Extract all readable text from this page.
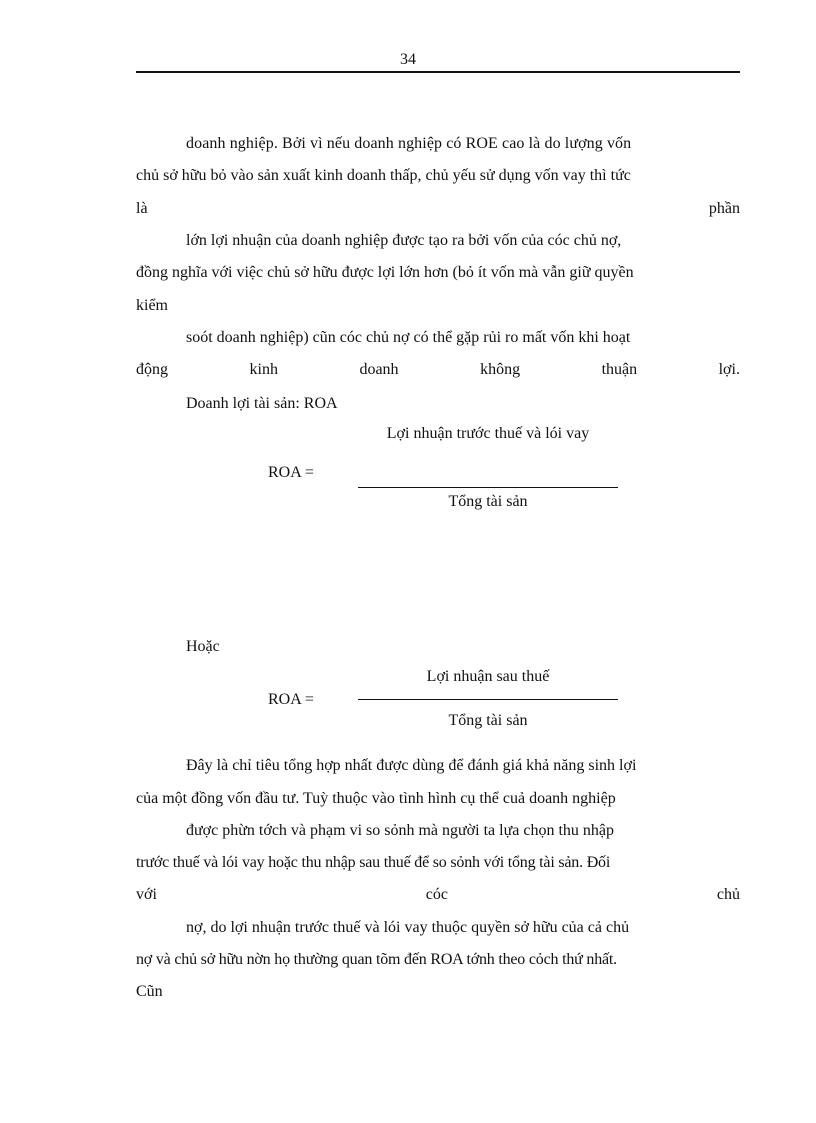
34
doanh nghiệp. Bởi vì nếu doanh nghiệp có ROE cao là do lượng vốn
chủ sở hữu bỏ vào sản xuất kinh doanh thấp, chủ yếu sử dụng vốn vay thì tức
là	phần
lớn lợi nhuận của doanh nghiệp được tạo ra bởi vốn của cóc chủ nợ,
đồng nghĩa với việc chủ sở hữu được lợi lớn hơn (bỏ ít vốn mà vẫn giữ quyền
kiểm
soót doanh nghiệp) cũn cóc chủ nợ có thể gặp rủi ro mất vốn khi hoạt
động	kinh	doanh	không	thuận	lợi.
Doanh lợi tài sản: ROA
ROA =
Lợi nhuận trước thuế và lói vay
Tổng tài sản
Hoặc
ROA =
Lợi nhuận sau thuế
Tổng tài sản
Đây là chỉ tiêu tổng hợp nhất được dùng để đánh giá khả năng sinh lợi
của một đồng vốn đầu tư. Tuỳ thuộc vào tình hình cụ thể cuả doanh nghiệp
được phừn tớch và phạm vi so sỏnh mà người ta lựa chọn thu nhập
trước thuế và lói vay hoặc thu nhập sau thuế để so sỏnh với tổng tài sản. Đối
với	cóc	chủ
nợ, do lợi nhuận trước thuế và lói vay thuộc quyền sở hữu của cả chủ
nợ và chủ sở hữu nờn họ thường quan tõm đến ROA tớnh theo cỏch thứ nhất.
Cũn
